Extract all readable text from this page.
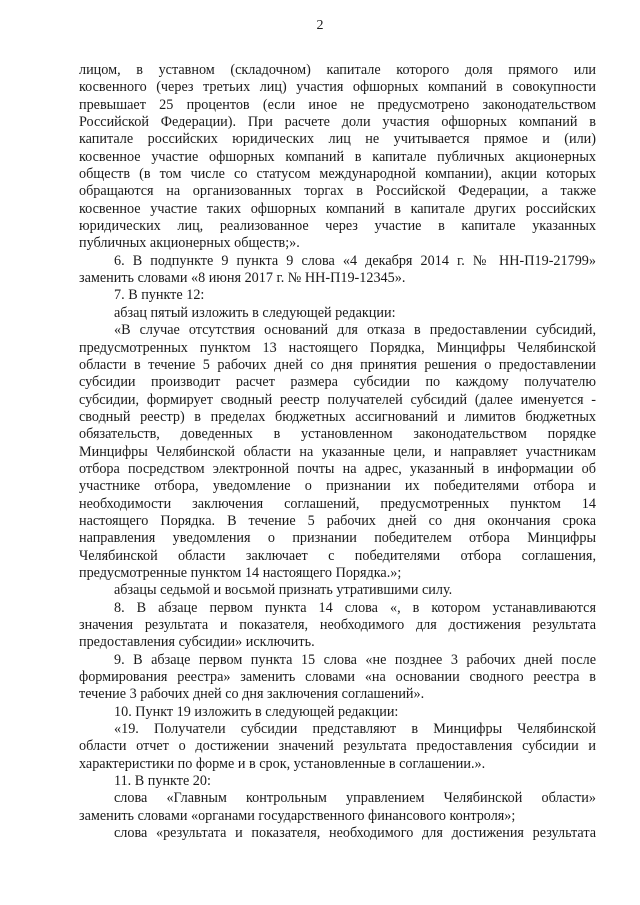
2
лицом, в уставном (складочном) капитале которого доля прямого или
косвенного (через третьих лиц) участия офшорных компаний в совокупности
превышает 25 процентов (если иное не предусмотрено законодательством
Российской Федерации). При расчете доли участия офшорных компаний в
капитале российских юридических лиц не учитывается прямое и (или)
косвенное участие офшорных компаний в капитале публичных акционерных
обществ (в том числе со статусом международной компании), акции которых
обращаются на организованных торгах в Российской Федерации, а также
косвенное участие таких офшорных компаний в капитале других российских
юридических лиц, реализованное через участие в капитале указанных
публичных акционерных обществ;».
6. В подпункте 9 пункта 9 слова «4 декабря 2014 г. № НН-П19-21799»
заменить словами «8 июня 2017 г. № НН-П19-12345».
7. В пункте 12:
абзац пятый изложить в следующей редакции:
«В случае отсутствия оснований для отказа в предоставлении субсидий,
предусмотренных пунктом 13 настоящего Порядка, Минцифры Челябинской
области в течение 5 рабочих дней со дня принятия решения о предоставлении
субсидии производит расчет размера субсидии по каждому получателю
субсидии, формирует сводный реестр получателей субсидий (далее именуется -
сводный реестр) в пределах бюджетных ассигнований и лимитов бюджетных
обязательств, доведенных в установленном законодательством порядке
Минцифры Челябинской области на указанные цели, и направляет участникам
отбора посредством электронной почты на адрес, указанный в информации об
участнике отбора, уведомление о признании их победителями отбора и
необходимости заключения соглашений, предусмотренных пунктом 14
настоящего Порядка. В течение 5 рабочих дней со дня окончания срока
направления уведомления о признании победителем отбора Минцифры
Челябинской области заключает с победителями отбора соглашения,
предусмотренные пунктом 14 настоящего Порядка.»;
абзацы седьмой и восьмой признать утратившими силу.
8. В абзаце первом пункта 14 слова «, в котором устанавливаются
значения результата и показателя, необходимого для достижения результата
предоставления субсидии» исключить.
9. В абзаце первом пункта 15 слова «не позднее 3 рабочих дней после
формирования реестра» заменить словами «на основании сводного реестра в
течение 3 рабочих дней со дня заключения соглашений».
10. Пункт 19 изложить в следующей редакции:
«19. Получатели субсидии представляют в Минцифры Челябинской
области отчет о достижении значений результата предоставления субсидии и
характеристики по форме и в срок, установленные в соглашении.».
11. В пункте 20:
слова «Главным контрольным управлением Челябинской области»
заменить словами «органами государственного финансового контроля»;
слова «результата и показателя, необходимого для достижения результата
